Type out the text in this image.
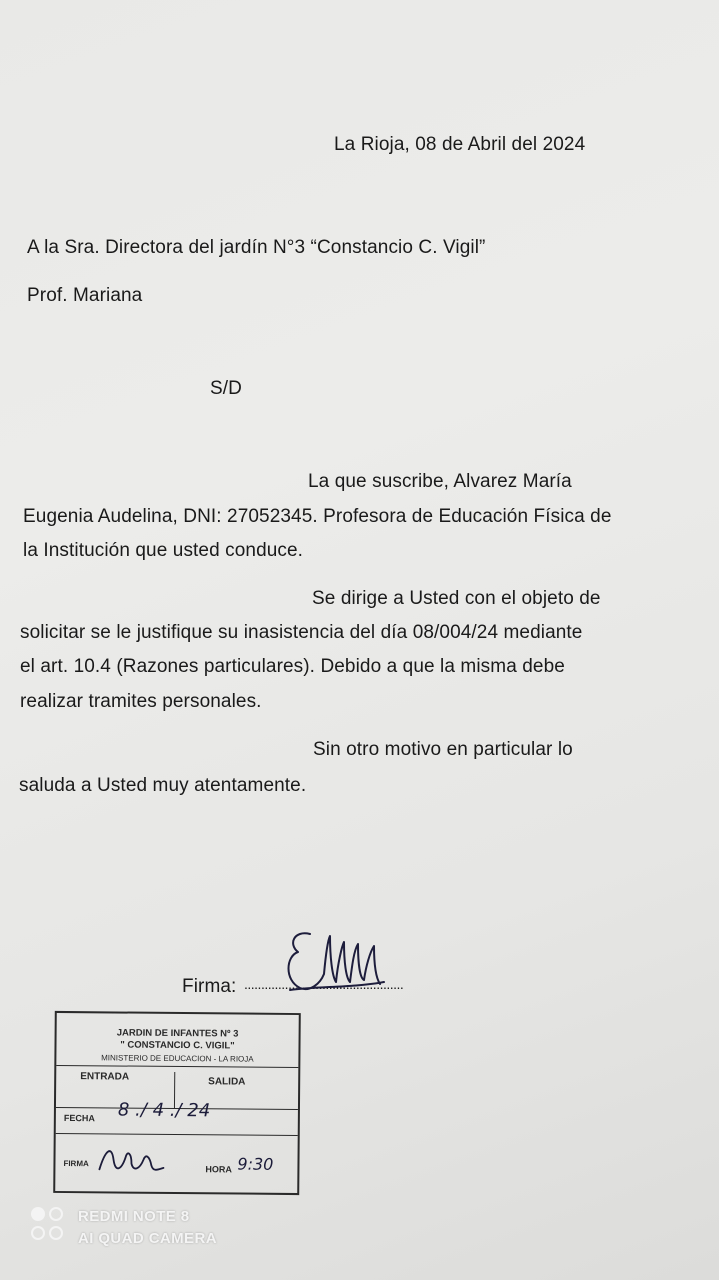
La Rioja, 08 de Abril del 2024
A la Sra. Directora del jardín N°3 “Constancio C. Vigil”
Prof. Mariana
S/D
La que suscribe, Alvarez María
Eugenia Audelina, DNI: 27052345. Profesora de Educación Física de
la Institución que usted conduce.
Se dirige a Usted con el objeto de
solicitar se le justifique su inasistencia del día 08/004/24 mediante
el art. 10.4 (Razones particulares). Debido a que la misma debe
realizar tramites personales.
Sin otro motivo en particular lo
saluda a Usted muy atentamente.
Firma: ...............................................
JARDIN DE INFANTES Nº 3
" CONSTANCIO C. VIGIL"
MINISTERIO DE EDUCACION - LA RIOJA
ENTRADA	SALIDA
FECHA 8 ./ 4 ./ 24
FIRMA
HORA 9:30
REDMI NOTE 8
AI QUAD CAMERA
